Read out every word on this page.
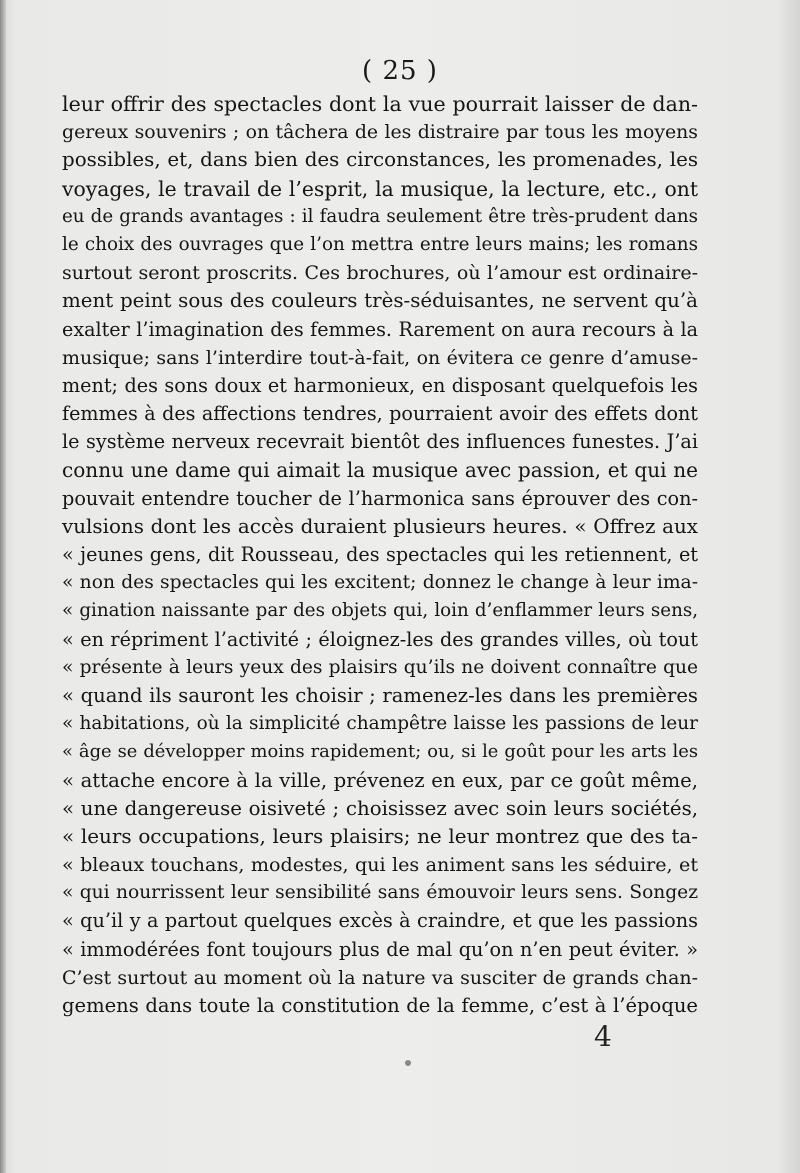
( 25 )
leur offrir des spectacles dont la vue pourrait laisser de dan-
gereux souvenirs ; on tâchera de les distraire par tous les moyens
possibles, et, dans bien des circonstances, les promenades, les
voyages, le travail de l’esprit, la musique, la lecture, etc., ont
eu de grands avantages : il faudra seulement être très-prudent dans
le choix des ouvrages que l’on mettra entre leurs mains; les romans
surtout seront proscrits. Ces brochures, où l’amour est ordinaire-
ment peint sous des couleurs très-séduisantes, ne servent qu’à
exalter l’imagination des femmes. Rarement on aura recours à la
musique; sans l’interdire tout-à-fait, on évitera ce genre d’amuse-
ment; des sons doux et harmonieux, en disposant quelquefois les
femmes à des affections tendres, pourraient avoir des effets dont
le système nerveux recevrait bientôt des influences funestes. J’ai
connu une dame qui aimait la musique avec passion, et qui ne
pouvait entendre toucher de l’harmonica sans éprouver des con-
vulsions dont les accès duraient plusieurs heures. « Offrez aux
« jeunes gens, dit Rousseau, des spectacles qui les retiennent, et
« non des spectacles qui les excitent; donnez le change à leur ima-
« gination naissante par des objets qui, loin d’enflammer leurs sens,
« en répriment l’activité ; éloignez-les des grandes villes, où tout
« présente à leurs yeux des plaisirs qu’ils ne doivent connaître que
« quand ils sauront les choisir ; ramenez-les dans les premières
« habitations, où la simplicité champêtre laisse les passions de leur
« âge se développer moins rapidement; ou, si le goût pour les arts les
« attache encore à la ville, prévenez en eux, par ce goût même,
« une dangereuse oisiveté ; choisissez avec soin leurs sociétés,
« leurs occupations, leurs plaisirs; ne leur montrez que des ta-
« bleaux touchans, modestes, qui les animent sans les séduire, et
« qui nourrissent leur sensibilité sans émouvoir leurs sens. Songez
« qu’il y a partout quelques excès à craindre, et que les passions
« immodérées font toujours plus de mal qu’on n’en peut éviter. »
C’est surtout au moment où la nature va susciter de grands chan-
gemens dans toute la constitution de la femme, c’est à l’époque
4
